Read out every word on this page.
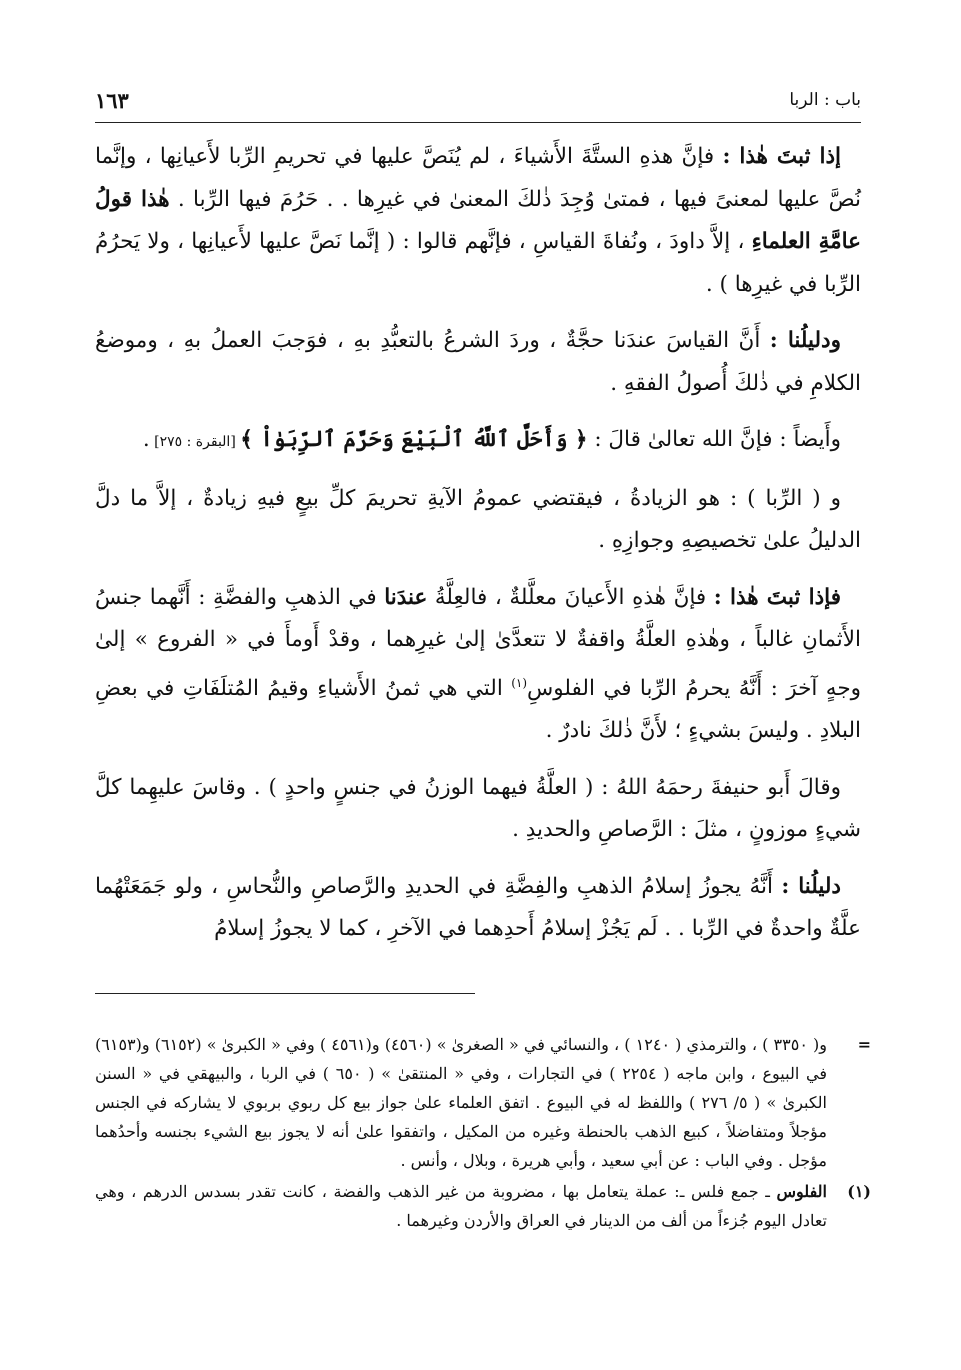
باب : الربا
١٦٣

إذا ثبتَ هٰذا : فإنَّ هذهِ الستَّةَ الأَشياءَ ، لم يُنَصَّ عليها في تحريمِ الرِّبا لأَعيانِها ، وإنَّما نُصَّ عليها لمعنىً فيها ، فمتىٰ وُجِدَ ذٰلكَ المعنىٰ في غيرِها . . حَرُمَ فيها الرِّبا . هٰذا قولُ عامَّةِ العلماءِ ، إلاَّ داودَ ، ونُفاةَ القياسِ ، فإنَّهم قالوا : ( إنَّما نَصَّ عليها لأَعيانِها ، ولا يَحرُمُ الرِّبا في غيرِها ) .

ودليلُنا : أَنَّ القياسَ عندَنا حجَّةٌ ، وردَ الشرعُ بالتعبُّدِ بهِ ، فوَجبَ العملُ بهِ ، وموضعُ الكلامِ في ذٰلكَ أُصولُ الفقهِ .

وأَيضاً : فإنَّ الله تعالىٰ قالَ : ﴿ وَأَحَلَّ ٱللَّهُ ٱلْبَيْعَ وَحَرَّمَ ٱلرِّبَوٰاْ ﴾ [البقرة : ٢٧٥] .

و ( الرِّبا ) : هو الزيادةُ ، فيقتضي عمومُ الآيةِ تحريمَ كلِّ بيعٍ فيهِ زيادةٌ ، إلاَّ ما دلَّ الدليلُ علىٰ تخصيصِهِ وجوازِهِ .

فإذا ثبتَ هٰذا : فإنَّ هٰذهِ الأَعيانَ معلَّلةٌ ، فالعِلَّةُ عندَنا في الذهبِ والفضَّةِ : أَنَّهما جنسُ الأَثمانِ غالباً ، وهٰذهِ العلَّةُ واقفةٌ لا تتعدَّىٰ إلىٰ غيرِهما ، وقدْ أَومأَ في « الفروع » إلىٰ وجهٍ آخرَ : أَنَّهُ يحرمُ الرِّبا في الفلوسِ$^{(١)}$ التي هي ثمنُ الأَشياءِ وقيمُ المُتلَفَاتِ في بعضِ البلادِ . وليسَ بشيءٍ ؛ لأَنَّ ذٰلكَ نادرٌ .

وقالَ أَبو حنيفةَ رحمَهُ اللهُ : ( العلَّةُ فيهما الوزنُ في جنسٍ واحدٍ ) . وقاسَ عليهِما كلَّ شيءٍ موزونٍ ، مثلَ : الرَّصاصِ والحديدِ .

دليلُنا : أَنَّهُ يجوزُ إسلامُ الذهبِ والفِضَّةِ في الحديدِ والرَّصاصِ والنُّحاسِ ، ولو جَمَعَتْهُما علَّةٌ واحدةٌ في الرِّبا . . لَم يَجُزْ إسلامُ أَحدِهما في الآخرِ ، كما لا يجوزُ إسلامُ

=
و( ٣٣٥٠ ) ، والترمذي ( ١٢٤٠ ) ، والنسائي في « الصغرىٰ » (٤٥٦٠) و(٤٥٦١ ) وفي « الكبرىٰ » (٦١٥٢) و(٦١٥٣) في البيوع ، وابن ماجه ( ٢٢٥٤ ) في التجارات ، وفي « المنتقىٰ » ( ٦٥٠ ) في الربا ، والبيهقي في « السنن الكبرىٰ » ( ٥/ ٢٧٦ ) واللفظ له في البيوع . اتفق العلماء علىٰ جواز بيع كل ربوي بربوي لا يشاركه في الجنس مؤجلاً ومتفاضلاً ، كبيع الذهب بالحنطة وغيره من المكيل ، واتفقوا علىٰ أنه لا يجوز بيع الشيء بجنسه وأحدُهما مؤجل . وفي الباب : عن أبي سعيد ، وأبي هريرة ، وبلال ، وأنس .

(١)
الفلوس ـ جمع فلس ـ: عملة يتعامل بها ، مضروبة من غير الذهب والفضة ، كانت تقدر بسدس الدرهم ، وهي تعادل اليوم جُزءاً من ألف من الدينار في العراق والأردن وغيرهما .
